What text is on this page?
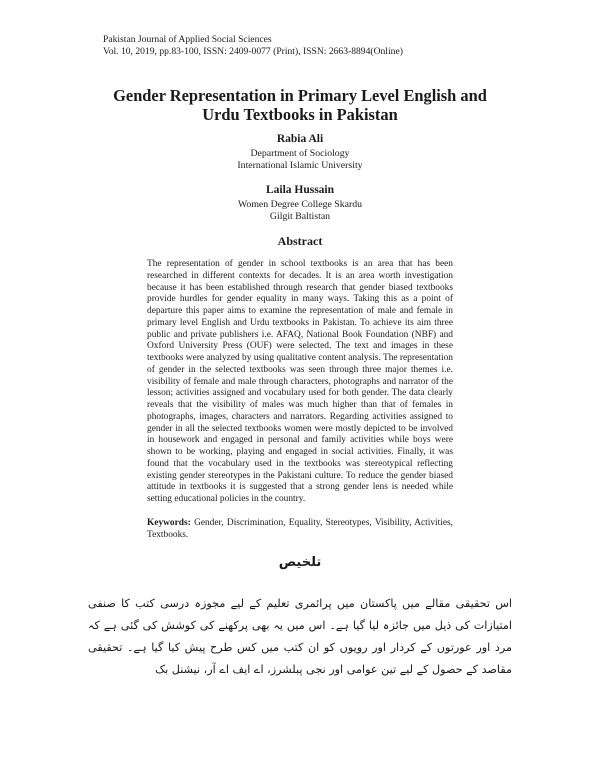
Pakistan Journal of Applied Social Sciences
Vol. 10, 2019, pp.83-100, ISSN: 2409-0077 (Print), ISSN: 2663-8894(Online)
Gender Representation in Primary Level English and
Urdu Textbooks in Pakistan
Rabia Ali
Department of Sociology
International Islamic University
Laila Hussain
Women Degree College Skardu
Gilgit Baltistan
Abstract
The representation of gender in school textbooks is an area that has been researched in different contexts for decades. It is an area worth investigation because it has been established through research that gender biased textbooks provide hurdles for gender equality in many ways. Taking this as a point of departure this paper aims to examine the representation of male and female in primary level English and Urdu textbooks in Pakistan. To achieve its aim three public and private publishers i.e. AFAQ, National Book Foundation (NBF) and Oxford University Press (OUF) were selected. The text and images in these textbooks were analyzed by using qualitative content analysis. The representation of gender in the selected textbooks was seen through three major themes i.e. visibility of female and male through characters, photographs and narrator of the lesson; activities assigned and vocabulary used for both gender. The data clearly reveals that the visibility of males was much higher than that of females in photographs, images, characters and narrators. Regarding activities assigned to gender in all the selected textbooks women were mostly depicted to be involved in housework and engaged in personal and family activities while boys were shown to be working, playing and engaged in social activities. Finally, it was found that the vocabulary used in the textbooks was stereotypical reflecting existing gender stereotypes in the Pakistani culture. To reduce the gender biased attitude in textbooks it is suggested that a strong gender lens is needed while setting educational policies in the country.
Keywords: Gender, Discrimination, Equality, Stereotypes, Visibility, Activities, Textbooks.
تلخیص
اس تحقیقی مقالے میں پاکستان میں پرائمری تعلیم کے لیے مجوزہ درسی کتب کا صنفی امتیازات کی ذیل میں جائزہ لیا گیا ہے۔ اس میں یہ بھی پرکھنے کی کوشش کی گئی ہے کہ مرد اور عورتوں کے کردار اور رویوں کو ان کتب میں کس طرح پیش کیا گیا ہے۔ تحقیقی مقاصد کے حصول کے لیے تین عوامی اور نجی پبلشرز، اے ایف اے آر، نیشنل بک
